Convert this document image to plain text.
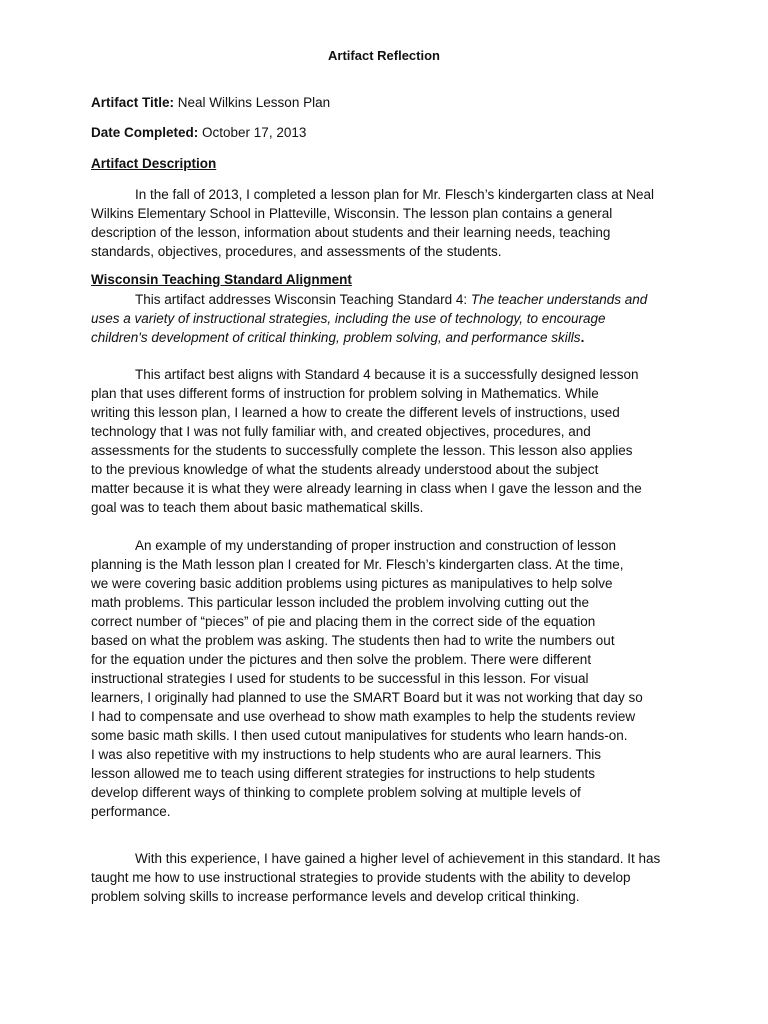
Artifact Reflection
Artifact Title: Neal Wilkins Lesson Plan
Date Completed: October 17, 2013
Artifact Description
In the fall of 2013, I completed a lesson plan for Mr. Flesch’s kindergarten class at Neal
Wilkins Elementary School in Platteville, Wisconsin. The lesson plan contains a general
description of the lesson, information about students and their learning needs, teaching
standards, objectives, procedures, and assessments of the students.
Wisconsin Teaching Standard Alignment
This artifact addresses Wisconsin Teaching Standard 4: The teacher understands and
uses a variety of instructional strategies, including the use of technology, to encourage
children's development of critical thinking, problem solving, and performance skills.
This artifact best aligns with Standard 4 because it is a successfully designed lesson
plan that uses different forms of instruction for problem solving in Mathematics. While
writing this lesson plan, I learned a how to create the different levels of instructions, used
technology that I was not fully familiar with, and created objectives, procedures, and
assessments for the students to successfully complete the lesson. This lesson also applies
to the previous knowledge of what the students already understood about the subject
matter because it is what they were already learning in class when I gave the lesson and the
goal was to teach them about basic mathematical skills.
An example of my understanding of proper instruction and construction of lesson
planning is the Math lesson plan I created for Mr. Flesch’s kindergarten class. At the time,
we were covering basic addition problems using pictures as manipulatives to help solve
math problems. This particular lesson included the problem involving cutting out the
correct number of “pieces” of pie and placing them in the correct side of the equation
based on what the problem was asking. The students then had to write the numbers out
for the equation under the pictures and then solve the problem. There were different
instructional strategies I used for students to be successful in this lesson. For visual
learners, I originally had planned to use the SMART Board but it was not working that day so
I had to compensate and use overhead to show math examples to help the students review
some basic math skills. I then used cutout manipulatives for students who learn hands-on.
I was also repetitive with my instructions to help students who are aural learners. This
lesson allowed me to teach using different strategies for instructions to help students
develop different ways of thinking to complete problem solving at multiple levels of
performance.
With this experience, I have gained a higher level of achievement in this standard. It has
taught me how to use instructional strategies to provide students with the ability to develop
problem solving skills to increase performance levels and develop critical thinking.
